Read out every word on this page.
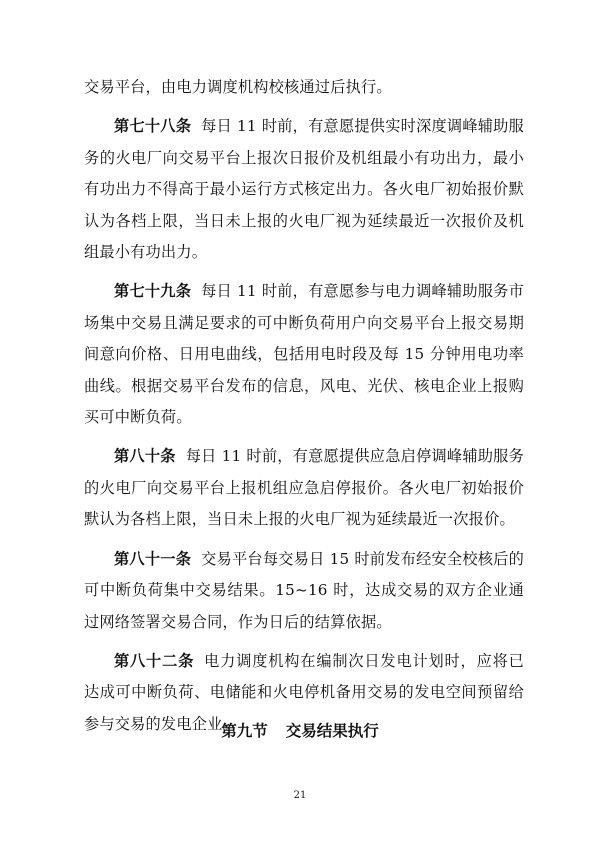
交易平台，由电力调度机构校核通过后执行。

第七十八条 每日 11 时前，有意愿提供实时深度调峰辅助服务的火电厂向交易平台上报次日报价及机组最小有功出力，最小有功出力不得高于最小运行方式核定出力。各火电厂初始报价默认为各档上限，当日未上报的火电厂视为延续最近一次报价及机组最小有功出力。

第七十九条 每日 11 时前，有意愿参与电力调峰辅助服务市场集中交易且满足要求的可中断负荷用户向交易平台上报交易期间意向价格、日用电曲线，包括用电时段及每 15 分钟用电功率曲线。根据交易平台发布的信息，风电、光伏、核电企业上报购买可中断负荷。

第八十条 每日 11 时前，有意愿提供应急启停调峰辅助服务的火电厂向交易平台上报机组应急启停报价。各火电厂初始报价默认为各档上限，当日未上报的火电厂视为延续最近一次报价。

第八十一条 交易平台每交易日 15 时前发布经安全校核后的可中断负荷集中交易结果。15~16 时，达成交易的双方企业通过网络签署交易合同，作为日后的结算依据。

第八十二条 电力调度机构在编制次日发电计划时，应将已达成可中断负荷、电储能和火电停机备用交易的发电空间预留给参与交易的发电企业。

第九节 交易结果执行
21
